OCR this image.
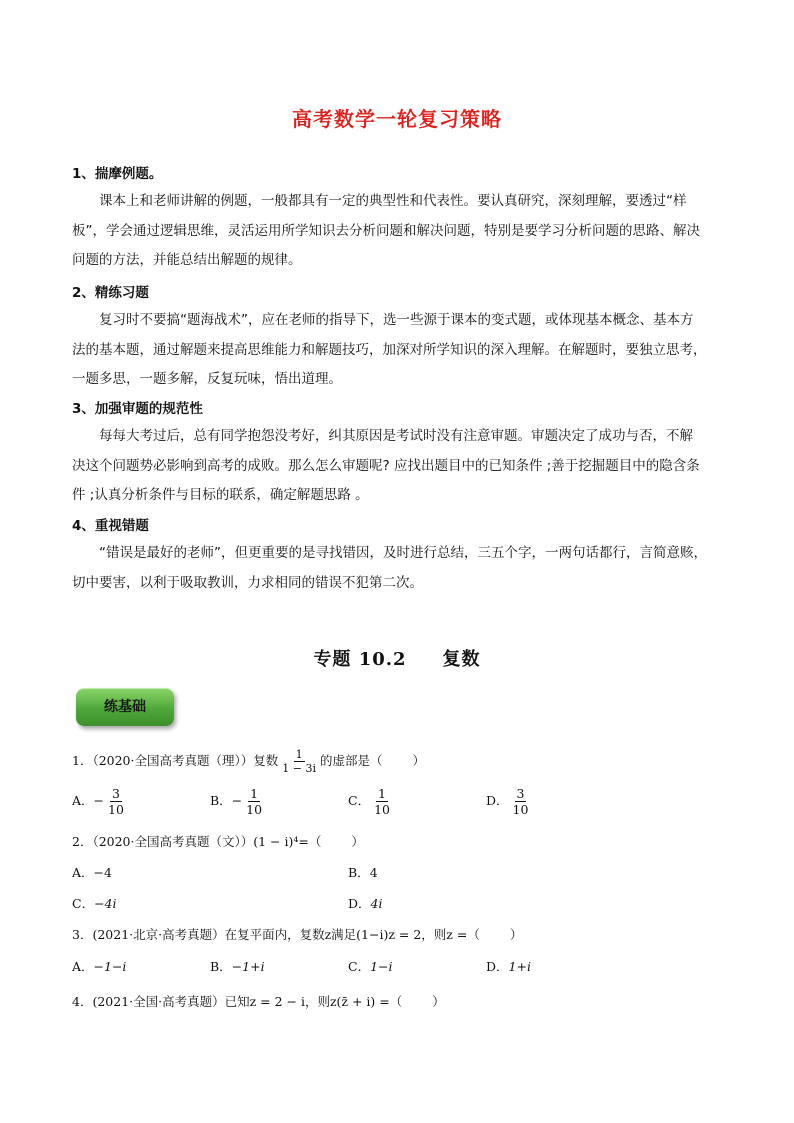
高考数学一轮复习策略
1、揣摩例题。
课本上和老师讲解的例题，一般都具有一定的典型性和代表性。要认真研究，深刻理解，要透过“样
板”，学会通过逻辑思维，灵活运用所学知识去分析问题和解决问题，特别是要学习分析问题的思路、解决
问题的方法，并能总结出解题的规律。
2、精练习题
复习时不要搞“题海战术”，应在老师的指导下，选一些源于课本的变式题，或体现基本概念、基本方
法的基本题，通过解题来提高思维能力和解题技巧，加深对所学知识的深入理解。在解题时，要独立思考，
一题多思，一题多解，反复玩味，悟出道理。
3、加强审题的规范性
每每大考过后，总有同学抱怨没考好，纠其原因是考试时没有注意审题。审题决定了成功与否，不解
决这个问题势必影响到高考的成败。那么怎么审题呢? 应找出题目中的已知条件 ;善于挖掘题目中的隐含条
件 ;认真分析条件与目标的联系，确定解题思路 。
4、重视错题
“错误是最好的老师”，但更重要的是寻找错因，及时进行总结，三五个字，一两句话都行，言简意赅，
切中要害，以利于吸取教训，力求相同的错误不犯第二次。
专题 10.2 复数
练基础
1．（2020·全国高考真题（理））复数 $\frac{1}{1 - 3i}$ 的虚部是（ ）
A．− $\frac{3}{10}$	B．− $\frac{1}{10}$	C． $\frac{1}{10}$	D． $\frac{3}{10}$
2．（2020·全国高考真题（文））(1 − i)⁴=（ ）
A．−4	B．4
C．−4i	D．4i
3．(2021·北京·高考真题）在复平面内，复数z满足(1−i)z = 2，则z =（ ）
A．−1−i	B．−1+i	C．1−i	D．1+i
4．(2021·全国·高考真题）已知z = 2 − i，则z(z̄ + i) =（ ）
